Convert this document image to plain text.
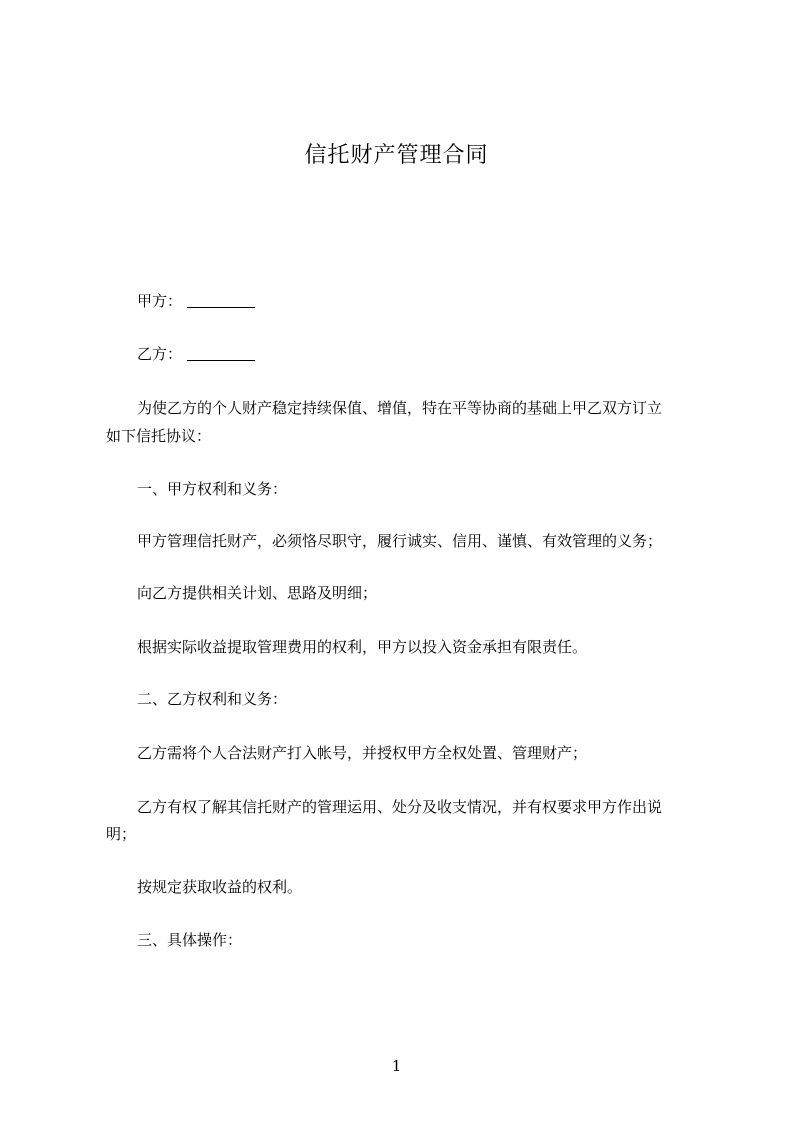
信托财产管理合同
甲方：
乙方：
为使乙方的个人财产稳定持续保值、增值，特在平等协商的基础上甲乙双方订立
如下信托协议：
一、甲方权利和义务：
甲方管理信托财产，必须恪尽职守，履行诚实、信用、谨慎、有效管理的义务；
向乙方提供相关计划、思路及明细；
根据实际收益提取管理费用的权利，甲方以投入资金承担有限责任。
二、乙方权利和义务：
乙方需将个人合法财产打入帐号，并授权甲方全权处置、管理财产；
乙方有权了解其信托财产的管理运用、处分及收支情况，并有权要求甲方作出说
明；
按规定获取收益的权利。
三、具体操作：
1
